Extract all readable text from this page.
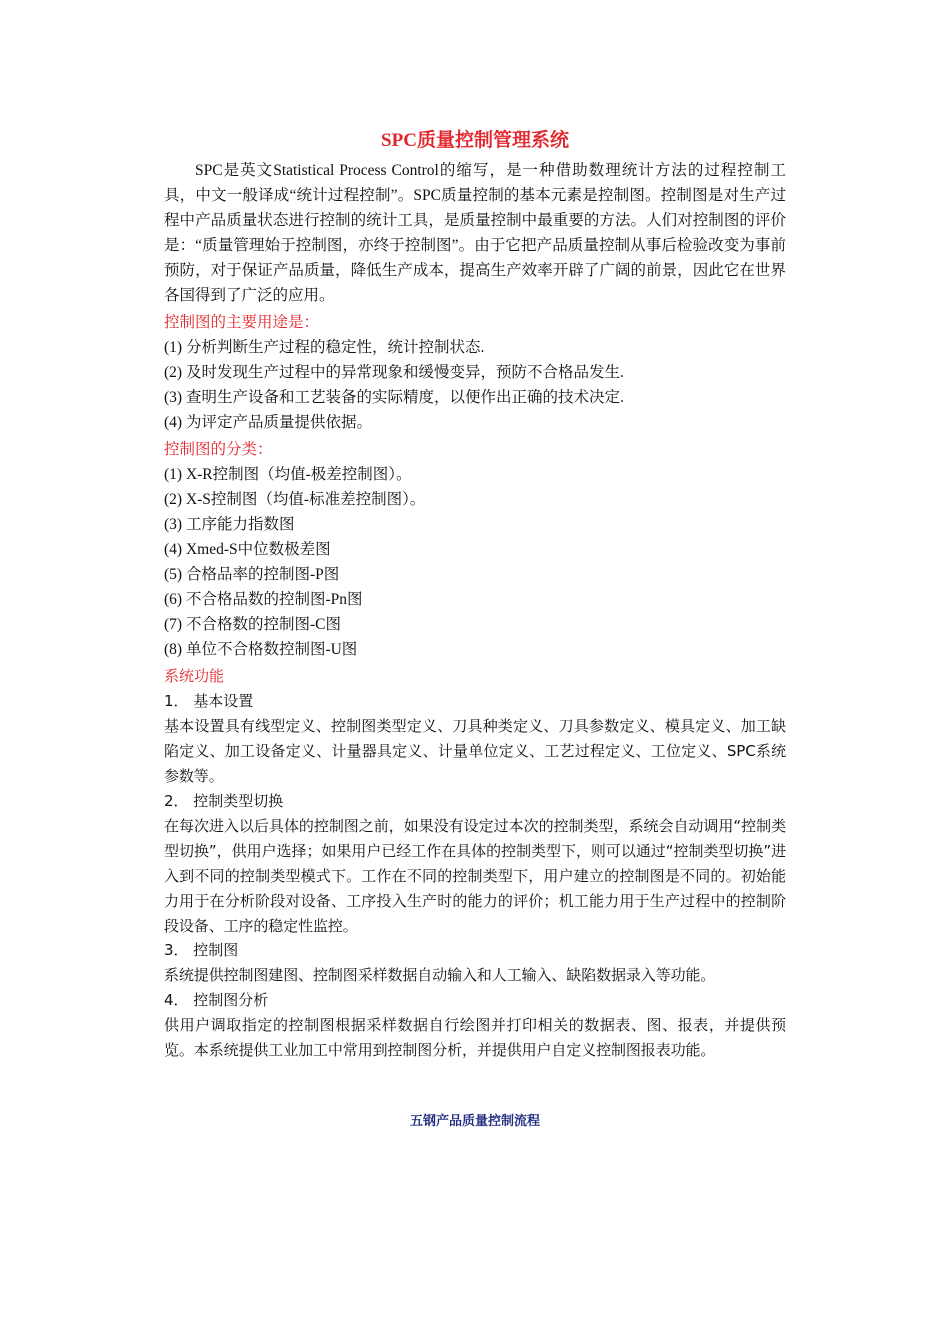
SPC质量控制管理系统

SPC是英文Statistical Process Control的缩写，是一种借助数理统计方法的过程控制工具，中文一般译成“统计过程控制”。SPC质量控制的基本元素是控制图。控制图是对生产过程中产品质量状态进行控制的统计工具，是质量控制中最重要的方法。人们对控制图的评价是：“质量管理始于控制图，亦终于控制图”。由于它把产品质量控制从事后检验改变为事前预防，对于保证产品质量，降低生产成本，提高生产效率开辟了广阔的前景，因此它在世界各国得到了广泛的应用。

控制图的主要用途是：

(1) 分析判断生产过程的稳定性，统计控制状态.

(2) 及时发现生产过程中的异常现象和缓慢变异，预防不合格品发生.

(3) 查明生产设备和工艺装备的实际精度，以便作出正确的技术决定.

(4) 为评定产品质量提供依据。

控制图的分类：

(1) X-R控制图（均值-极差控制图）。

(2) X-S控制图（均值-标准差控制图）。

(3) 工序能力指数图

(4) Xmed-S中位数极差图

(5) 合格品率的控制图-P图

(6) 不合格品数的控制图-Pn图

(7) 不合格数的控制图-C图

(8) 单位不合格数控制图-U图

系统功能

1． 基本设置

基本设置具有线型定义、控制图类型定义、刀具种类定义、刀具参数定义、模具定义、加工缺陷定义、加工设备定义、计量器具定义、计量单位定义、工艺过程定义、工位定义、SPC系统参数等。

2． 控制类型切换

在每次进入以后具体的控制图之前，如果没有设定过本次的控制类型，系统会自动调用“控制类型切换”，供用户选择；如果用户已经工作在具体的控制类型下，则可以通过“控制类型切换”进入到不同的控制类型模式下。工作在不同的控制类型下，用户建立的控制图是不同的。初始能力用于在分析阶段对设备、工序投入生产时的能力的评价；机工能力用于生产过程中的控制阶段设备、工序的稳定性监控。

3． 控制图

系统提供控制图建图、控制图采样数据自动输入和人工输入、缺陷数据录入等功能。

4． 控制图分析

供用户调取指定的控制图根据采样数据自行绘图并打印相关的数据表、图、报表，并提供预览。本系统提供工业加工中常用到控制图分析，并提供用户自定义控制图报表功能。

五钢产品质量控制流程
